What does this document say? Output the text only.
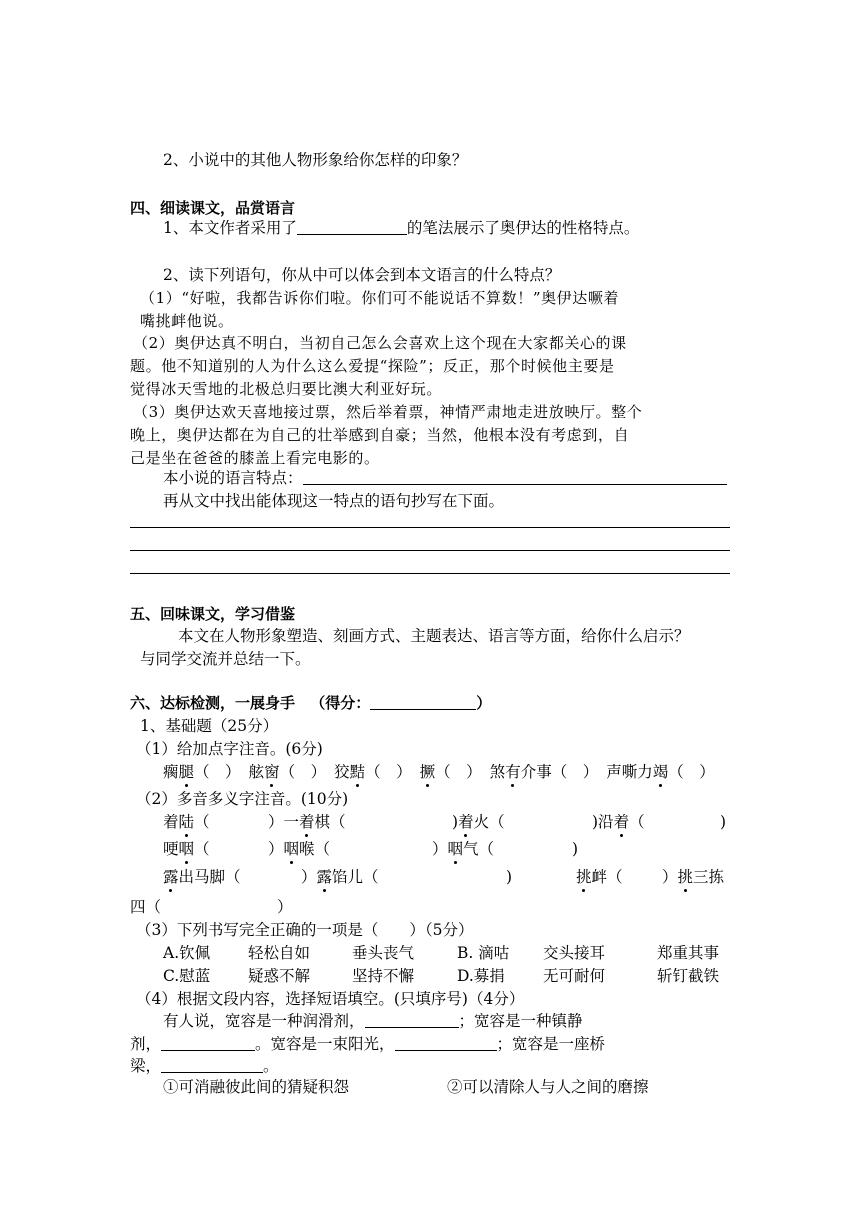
2、小说中的其他人物形象给你怎样的印象？
四、细读课文，品赏语言
1、本文作者采用了	的笔法展示了奥伊达的性格特点。
2、读下列语句，你从中可以体会到本文语言的什么特点？
（1）“好啦，我都告诉你们啦。你们可不能说话不算数！”奥伊达噘着
嘴挑衅他说。
（2）奥伊达真不明白，当初自己怎么会喜欢上这个现在大家都关心的课
题。他不知道别的人为什么这么爱提“探险”；反正，那个时候他主要是
觉得冰天雪地的北极总归要比澳大利亚好玩。
（3）奥伊达欢天喜地接过票，然后举着票，神情严肃地走进放映厅。整个
晚上，奥伊达都在为自己的壮举感到自豪；当然，他根本没有考虑到，自
己是坐在爸爸的膝盖上看完电影的。
本小说的语言特点：
再从文中找出能体现这一特点的语句抄写在下面。
五、回味课文，学习借鉴
本文在人物形象塑造、刻画方式、主题表达、语言等方面，给你什么启示？
与同学交流并总结一下。
六、达标检测，一展身手 （得分：	）
1、基础题（25分）
（1）给加点字注音。(6分)
瘸腿（　） 舷窗（　） 狡黠（　） 撅（　） 煞有介事（　） 声嘶力竭（　）
（2）多音多义字注音。(10分)
着陆（	）一着棋（	)着火（	)沿着（	)
哽咽（	）咽喉（	）咽气（	)
露出马脚（	）露馅儿（	)	挑衅（	）挑三拣
四（	）
（3）下列书写完全正确的一项是（　　）（5分）
A.钦佩 轻松自如	垂头丧气	B. 滴咕 交头接耳	郑重其事
C.慰蓝 疑惑不解	坚持不懈	D.募捐 无可耐何	斩钉截铁
（4）根据文段内容，选择短语填空。(只填序号)（4分）
有人说，宽容是一种润滑剂，	；宽容是一种镇静
剂，	。宽容是一束阳光，	；宽容是一座桥
梁，	。
①可消融彼此间的猜疑积怨	②可以清除人与人之间的磨擦
